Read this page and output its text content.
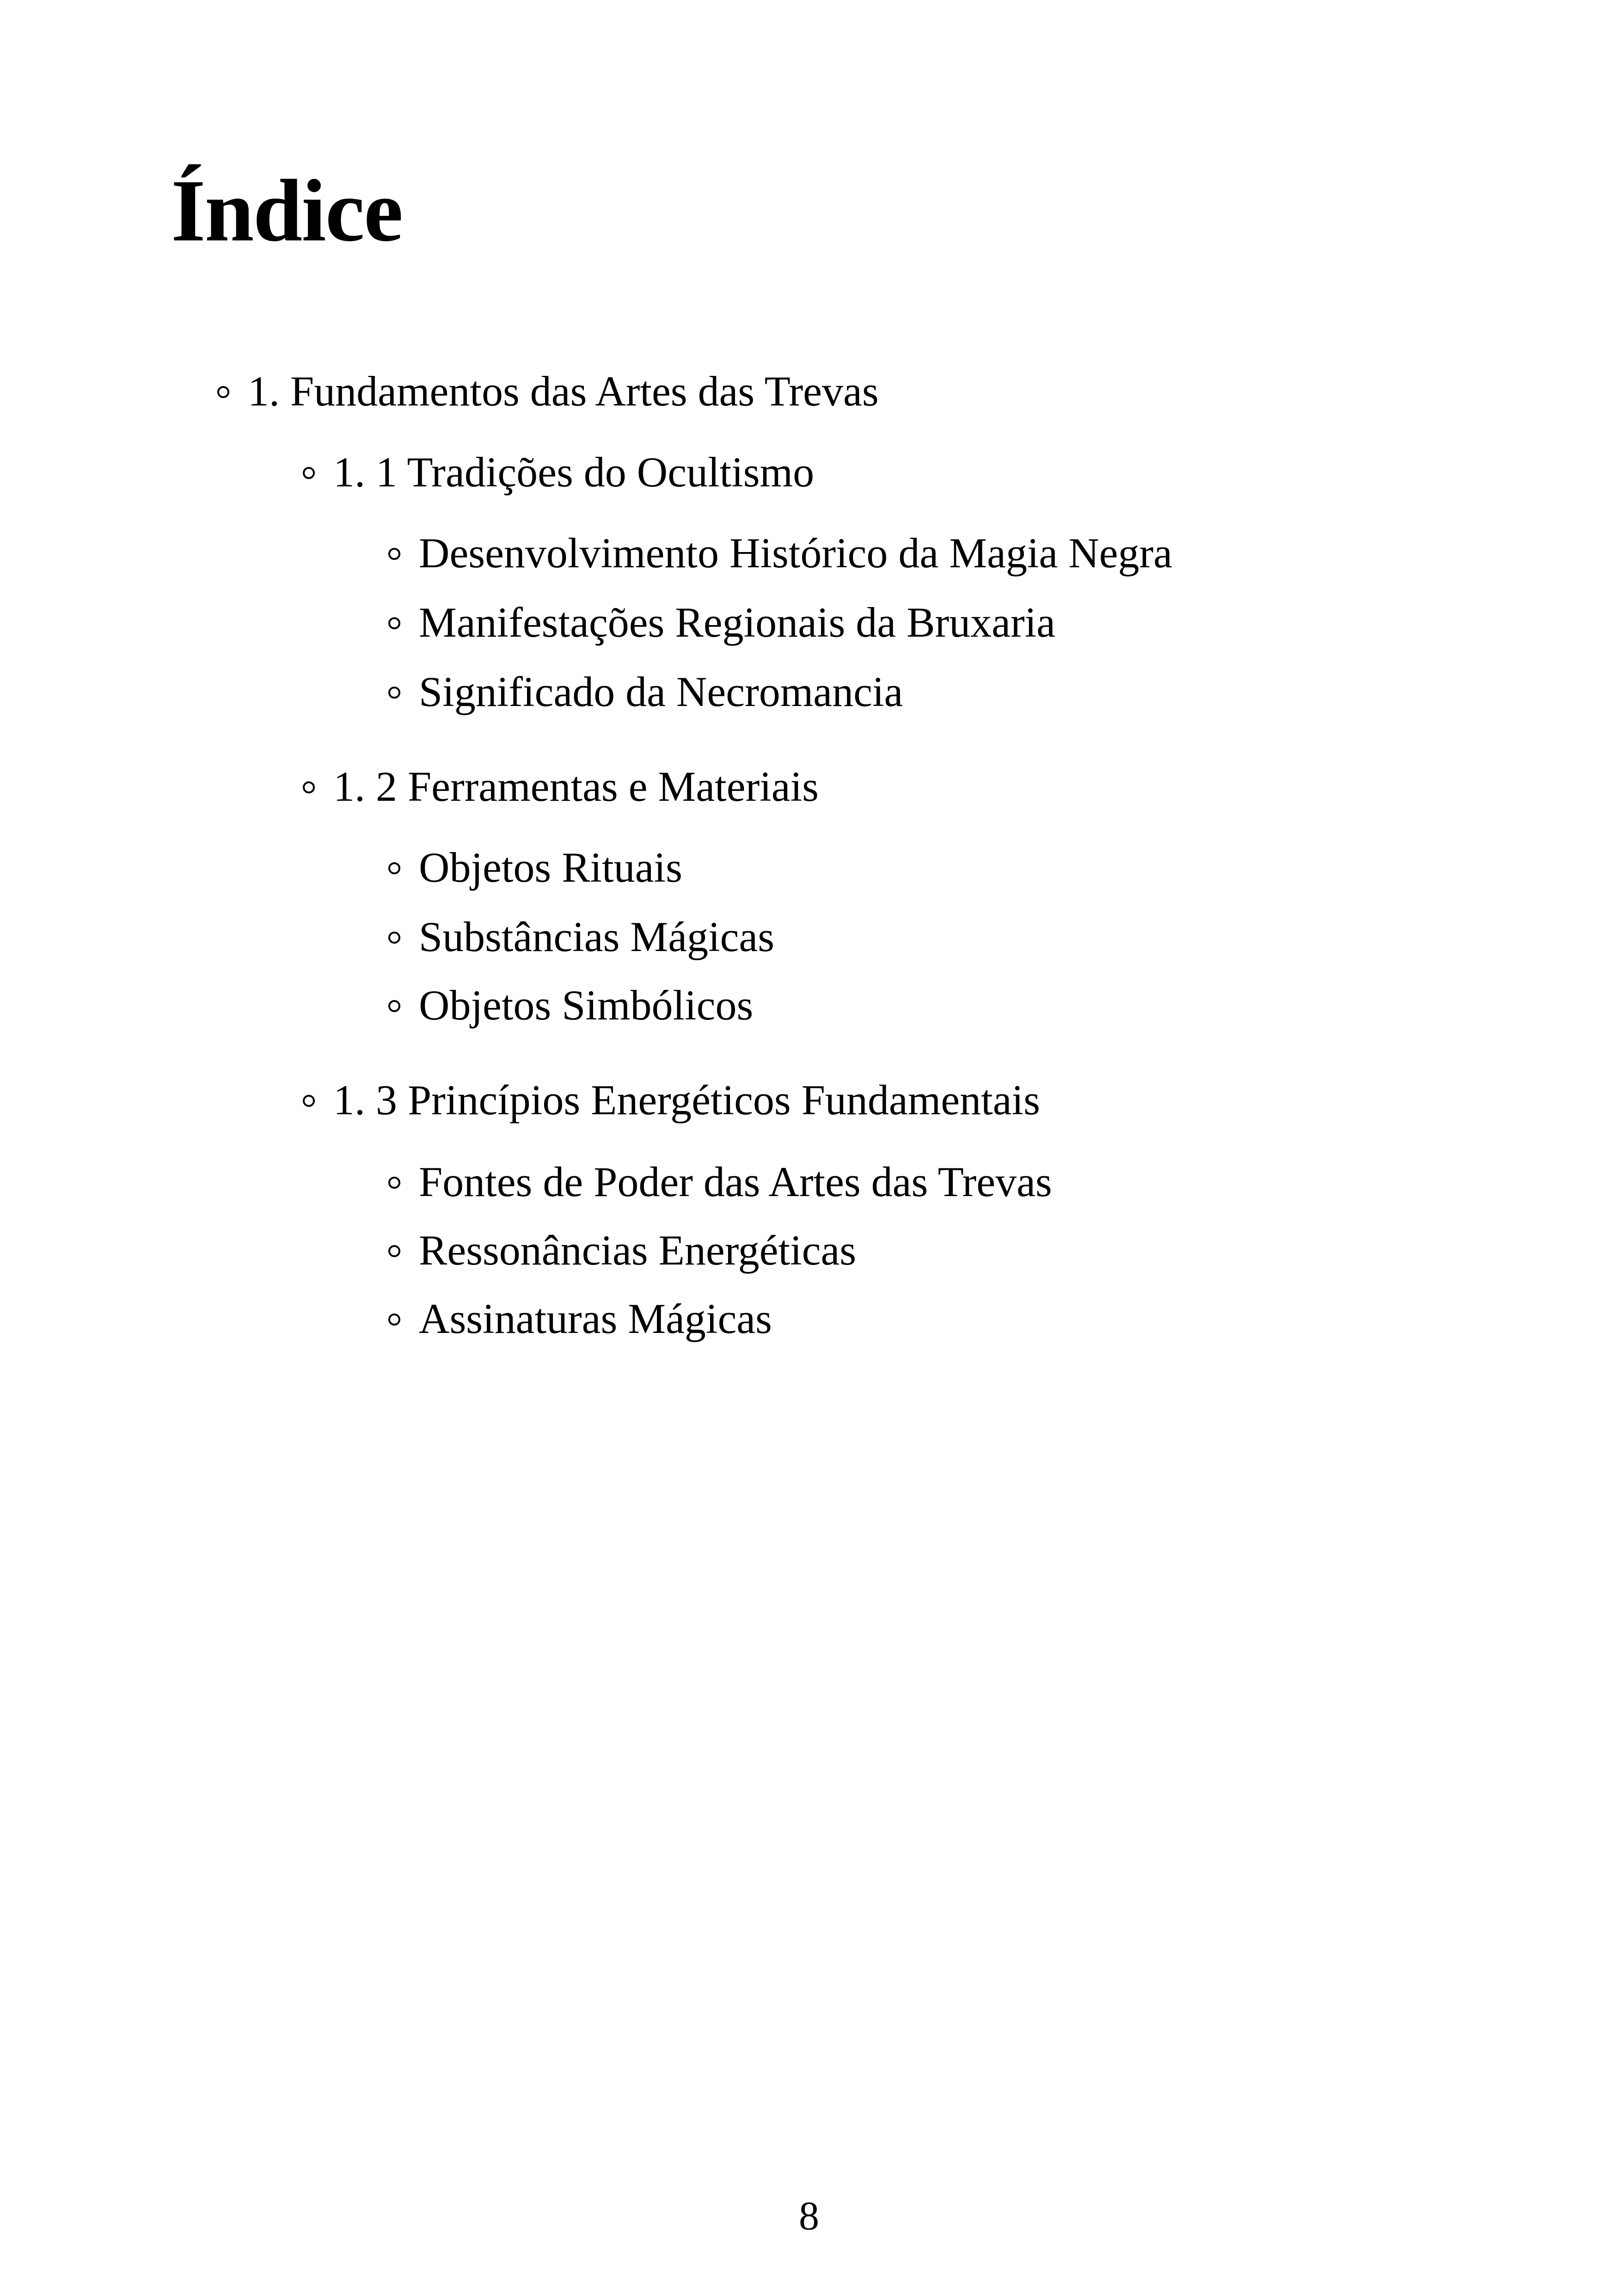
Índice
1. Fundamentos das Artes das Trevas
1. 1 Tradições do Ocultismo
Desenvolvimento Histórico da Magia Negra
Manifestações Regionais da Bruxaria
Significado da Necromancia
1. 2 Ferramentas e Materiais
Objetos Rituais
Substâncias Mágicas
Objetos Simbólicos
1. 3 Princípios Energéticos Fundamentais
Fontes de Poder das Artes das Trevas
Ressonâncias Energéticas
Assinaturas Mágicas
8
